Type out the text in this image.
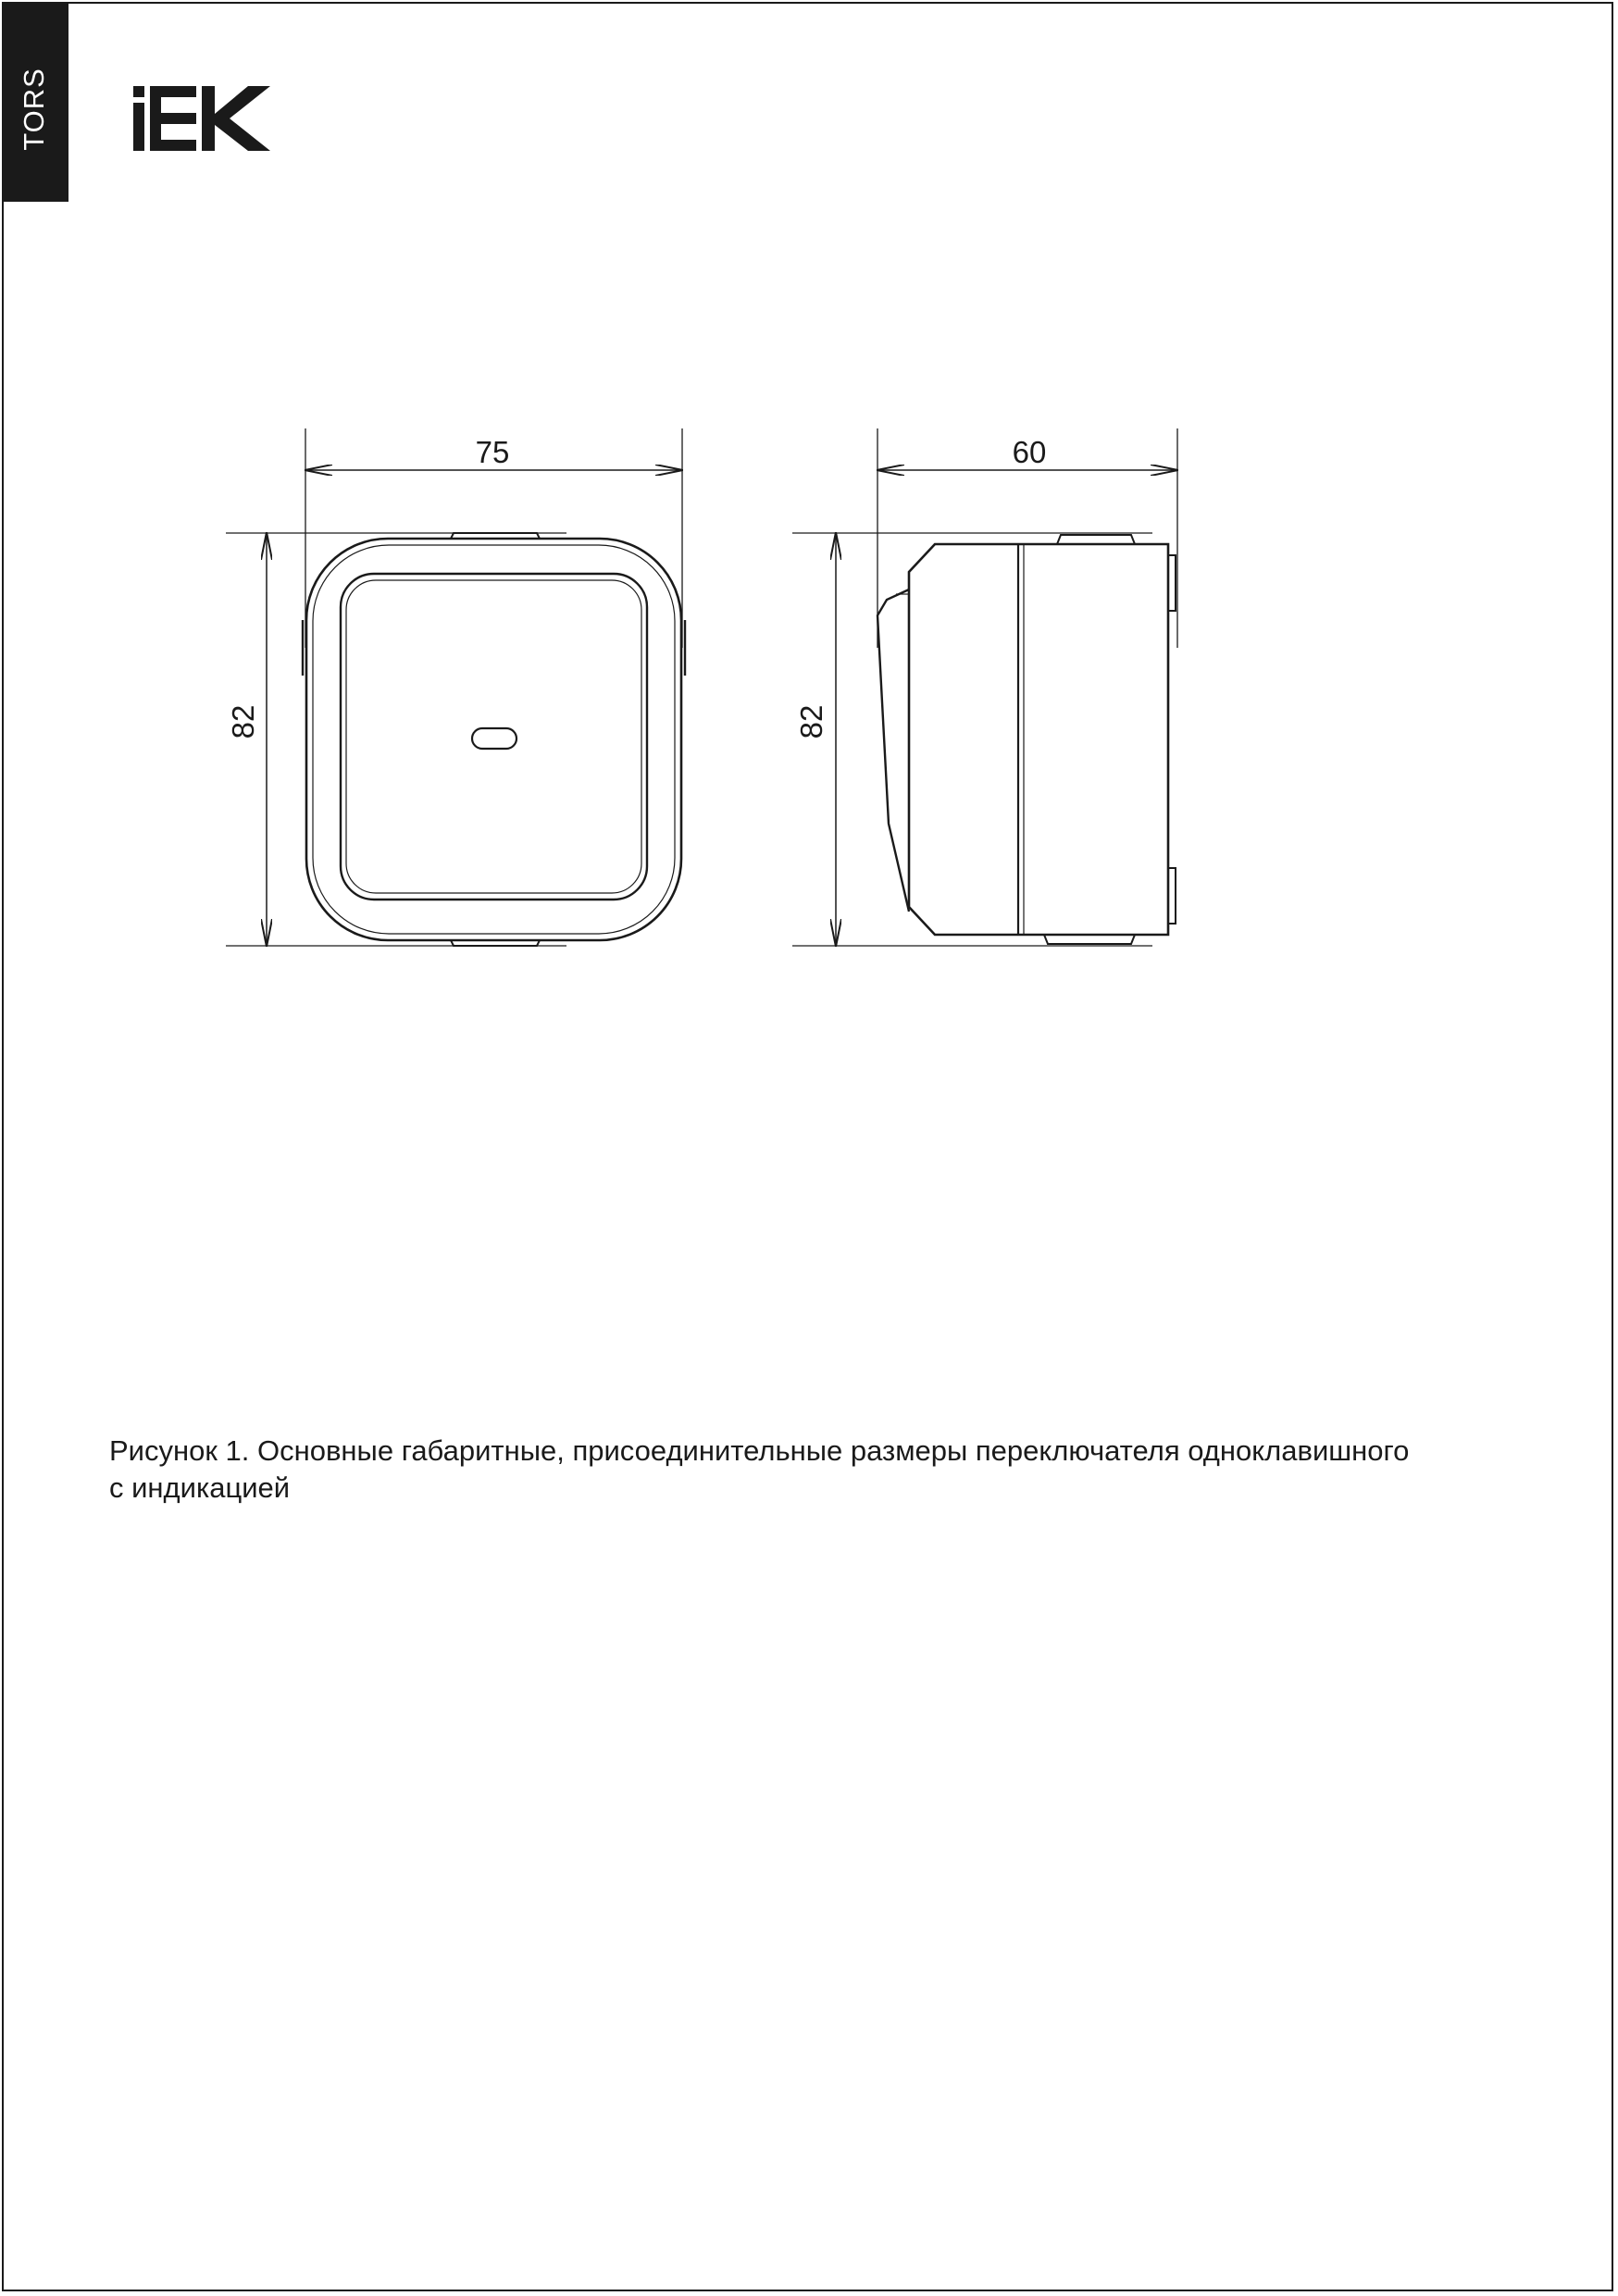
TORS
75
82
60
82

Рисунок 1. Основные габаритные, присоединительные размеры переключателя одноклавишного

с индикацией
